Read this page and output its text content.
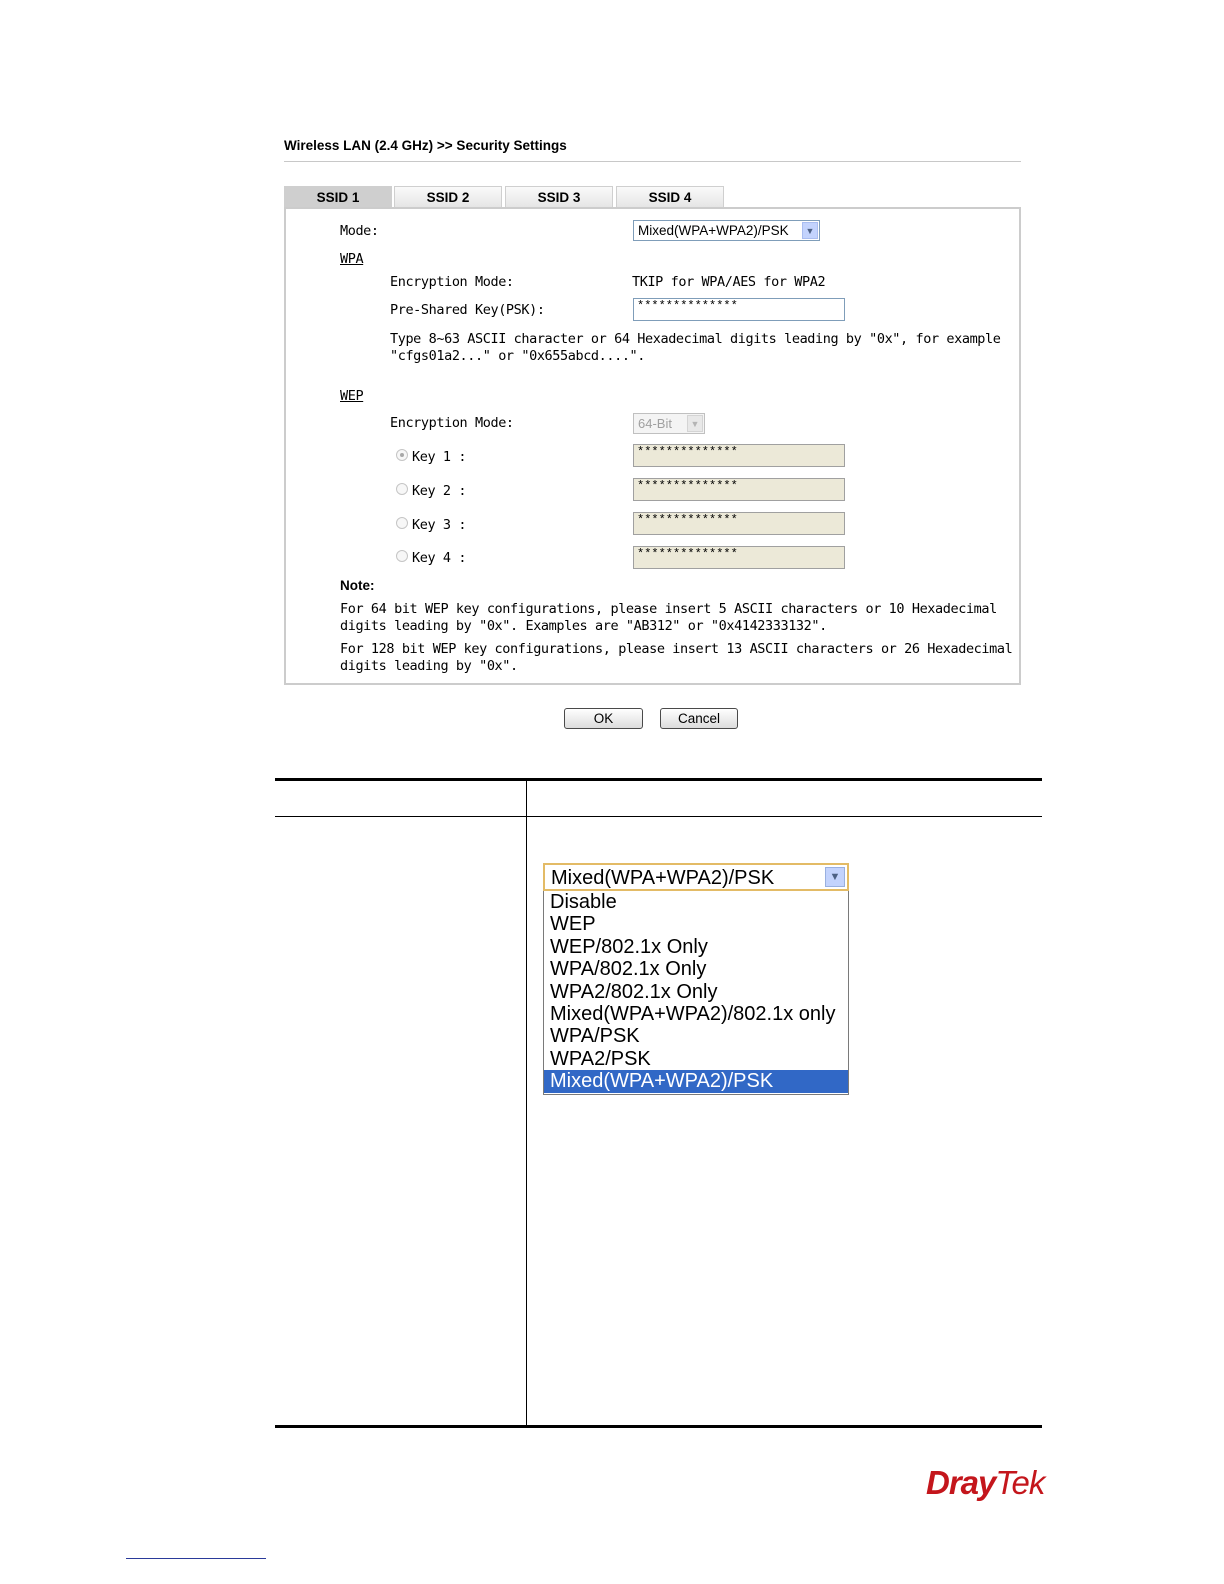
Wireless LAN (2.4 GHz) >> Security Settings
SSID 1	SSID 2	SSID 3	SSID 4
Mode:	Mixed(WPA+WPA2)/PSK	▼
WPA
Encryption Mode:	TKIP for WPA/AES for WPA2
Pre-Shared Key(PSK):	**************
Type 8~63 ASCII character or 64 Hexadecimal digits leading by "0x", for example
"cfgs01a2..." or "0x655abcd....".
WEP
Encryption Mode:	64-Bit	▼
Key 1 :	**************
Key 2 :	**************
Key 3 :	**************
Key 4 :	**************
Note:
For 64 bit WEP key configurations, please insert 5 ASCII characters or 10 Hexadecimal
digits leading by "0x". Examples are "AB312" or "0x4142333132".
For 128 bit WEP key configurations, please insert 13 ASCII characters or 26 Hexadecimal
digits leading by "0x".
OK	Cancel
Mixed(WPA+WPA2)/PSK	▼
Disable
WEP
WEP/802.1x Only
WPA/802.1x Only
WPA2/802.1x Only
Mixed(WPA+WPA2)/802.1x only
WPA/PSK
WPA2/PSK
Mixed(WPA+WPA2)/PSK
DrayTek
